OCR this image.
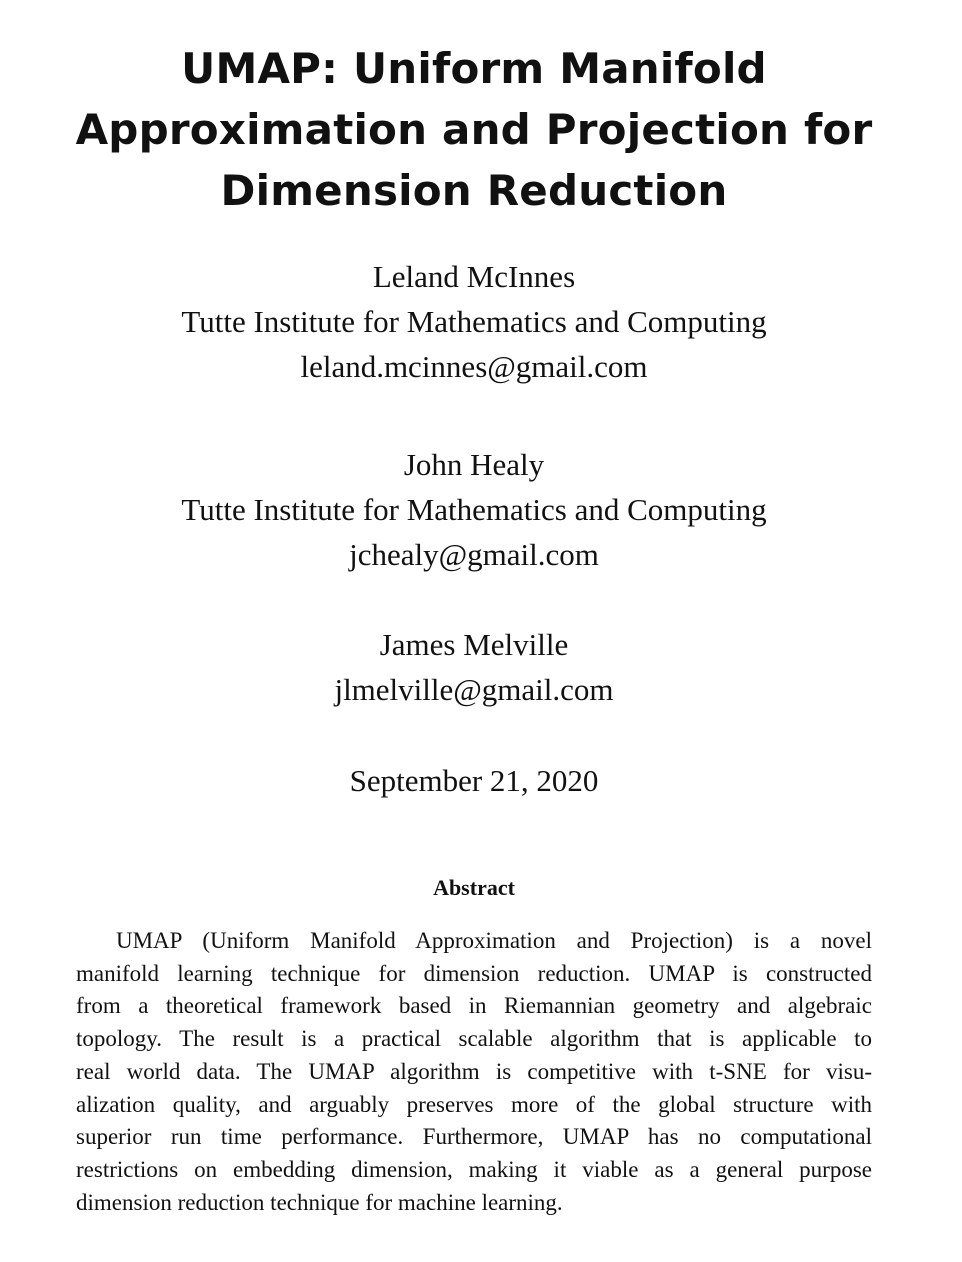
UMAP: Uniform Manifold
Approximation and Projection for
Dimension Reduction
Leland McInnes
Tutte Institute for Mathematics and Computing
leland.mcinnes@gmail.com
John Healy
Tutte Institute for Mathematics and Computing
jchealy@gmail.com
James Melville
jlmelville@gmail.com
September 21, 2020
Abstract
UMAP (Uniform Manifold Approximation and Projection) is a novel
manifold learning technique for dimension reduction. UMAP is constructed
from a theoretical framework based in Riemannian geometry and algebraic
topology. The result is a practical scalable algorithm that is applicable to
real world data. The UMAP algorithm is competitive with t-SNE for visu-
alization quality, and arguably preserves more of the global structure with
superior run time performance. Furthermore, UMAP has no computational
restrictions on embedding dimension, making it viable as a general purpose
dimension reduction technique for machine learning.
